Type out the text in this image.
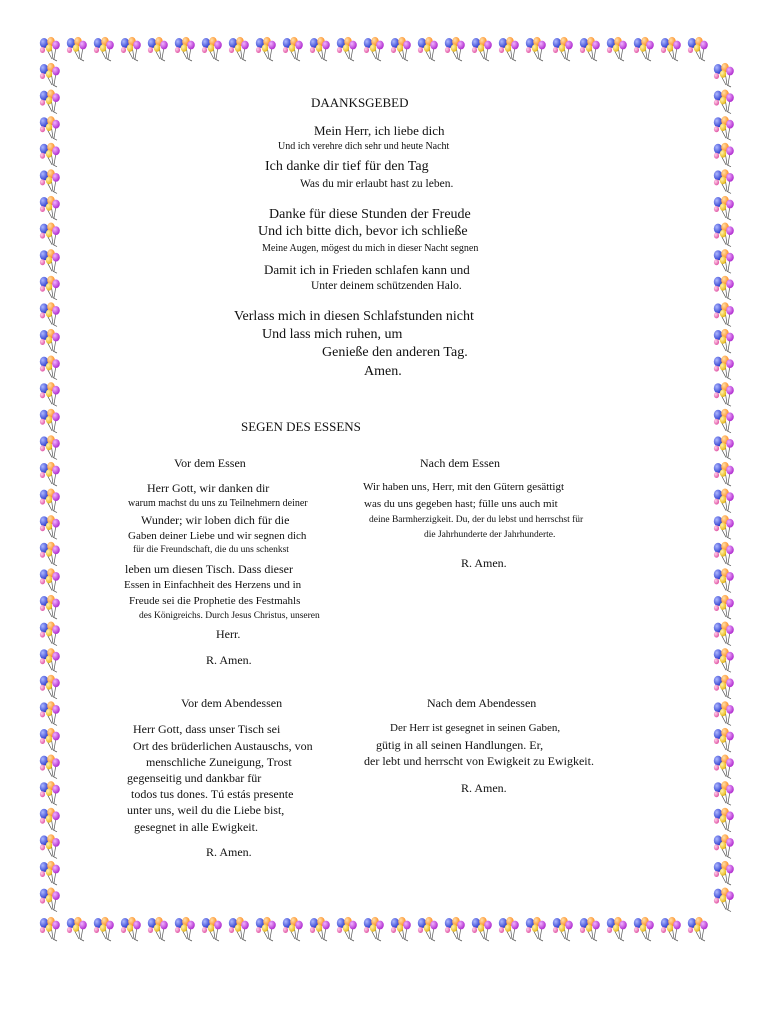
DAANKSGEBED
Mein Herr, ich liebe dich
Und ich verehre dich sehr und heute Nacht
Ich danke dir tief für den Tag
Was du mir erlaubt hast zu leben.
Danke für diese Stunden der Freude
Und ich bitte dich, bevor ich schließe
Meine Augen, mögest du mich in dieser Nacht segnen
Damit ich in Frieden schlafen kann und
Unter deinem schützenden Halo.
Verlass mich in diesen Schlafstunden nicht
Und lass mich ruhen, um
Genieße den anderen Tag.
Amen.
SEGEN DES ESSENS
Vor dem Essen
Herr Gott, wir danken dir
warum machst du uns zu Teilnehmern deiner
Wunder; wir loben dich für die
Gaben deiner Liebe und wir segnen dich
für die Freundschaft, die du uns schenkst
leben um diesen Tisch. Dass dieser
Essen in Einfachheit des Herzens und in
Freude sei die Prophetie des Festmahls
des Königreichs. Durch Jesus Christus, unseren
Herr.
R. Amen.
Nach dem Essen
Wir haben uns, Herr, mit den Gütern gesättigt
was du uns gegeben hast; fülle uns auch mit
deine Barmherzigkeit. Du, der du lebst und herrschst für
die Jahrhunderte der Jahrhunderte.
R. Amen.
Vor dem Abendessen
Herr Gott, dass unser Tisch sei
Ort des brüderlichen Austauschs, von
menschliche Zuneigung, Trost
gegenseitig und dankbar für
todos tus dones. Tú estás presente
unter uns, weil du die Liebe bist,
gesegnet in alle Ewigkeit.
R. Amen.
Nach dem Abendessen
Der Herr ist gesegnet in seinen Gaben,
gütig in all seinen Handlungen. Er,
der lebt und herrscht von Ewigkeit zu Ewigkeit.
R. Amen.
